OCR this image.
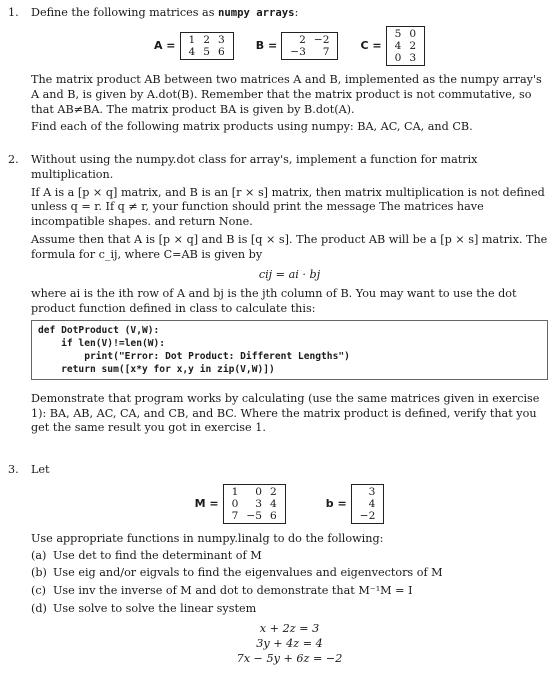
1. Define the following matrices as numpy arrays:

A = 1	2	3
4	5	6
B = 2	−2
−3	7
C =
5	0
4	2
0	3

The matrix product AB between two matrices A and B, implemented as the numpy array's A and B, is given by A.dot(B). Remember that the matrix product is not commutative, so that AB≠BA. The matrix product BA is given by B.dot(A).

Find each of the following matrix products using numpy: BA, AC, CA, and CB.

2. Without using the numpy.dot class for array's, implement a function for matrix multiplication.

If A is a [p × q] matrix, and B is an [r × s] matrix, then matrix multiplication is not defined unless q = r. If q ≠ r, your function should print the message The matrices have incompatible shapes. and return None.

Assume then that A is [p × q] and B is [q × s]. The product AB will be a [p × s] matrix. The formula for c_ij, where C=AB is given by

cij = ai · bj

where ai is the ith row of A and bj is the jth column of B. You may want to use the dot product function defined in class to calculate this:

def DotProduct (V,W):
if len(V)!=len(W):
print("Error: Dot Product: Different Lengths")
return sum([x*y for x,y in zip(V,W)])

Demonstrate that program works by calculating (use the same matrices given in exercise 1): BA, AB, AC, CA, and CB, and BC. Where the matrix product is defined, verify that you get the same result you got in exercise 1.

3. Let

M =
1	0	2
0	3	4
7	−5	6
b =
3
4
−2

Use appropriate functions in numpy.linalg to do the following:

(a) Use det to find the determinant of M
(b) Use eig and/or eigvals to find the eigenvalues and eigenvectors of M
(c) Use inv the inverse of M and dot to demonstrate that M⁻¹M = I
(d) Use solve to solve the linear system
x + 2z = 3
3y + 4z = 4
7x − 5y + 6z = −2
